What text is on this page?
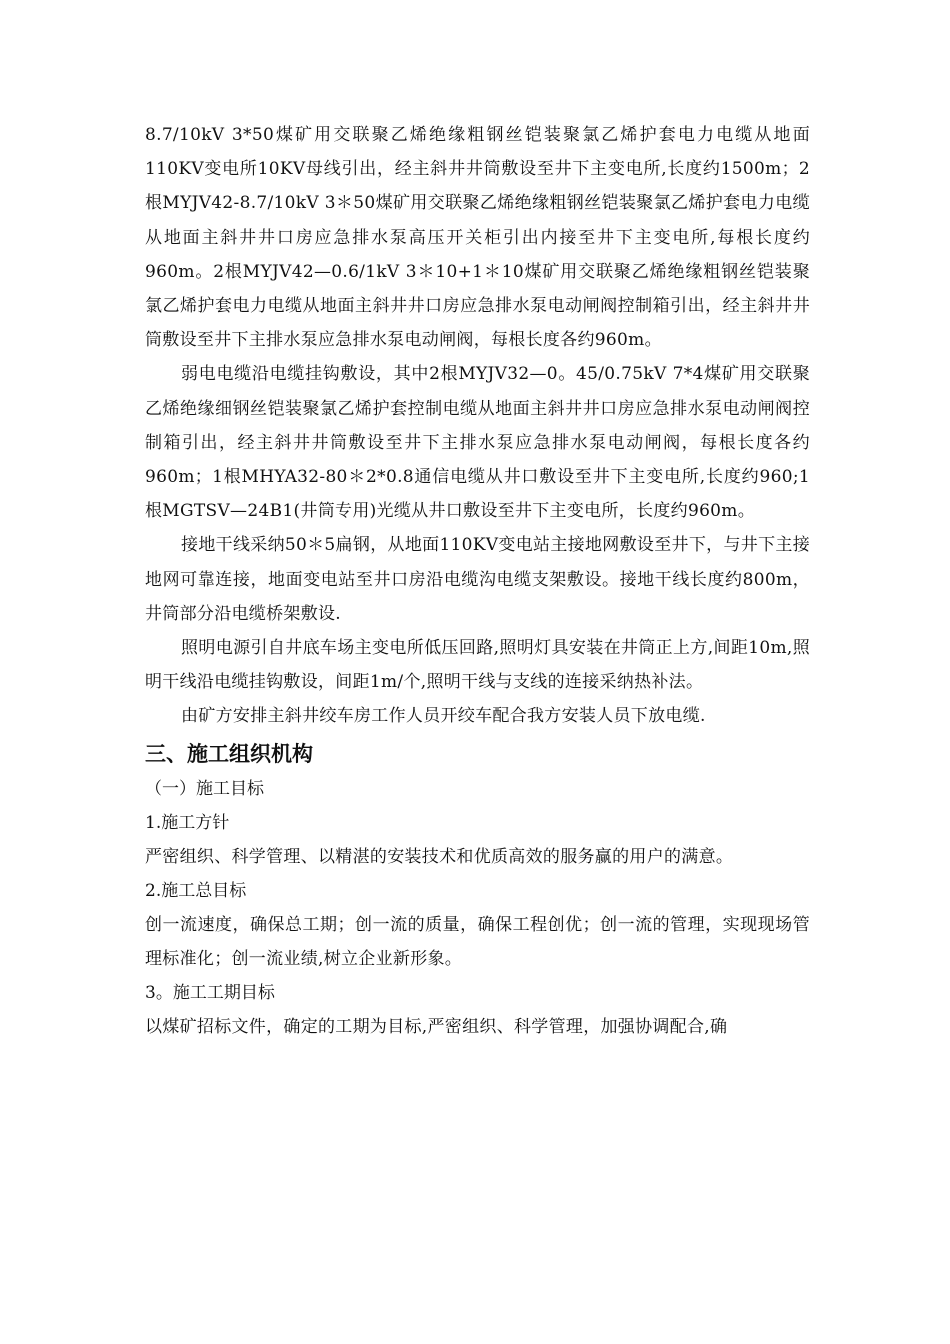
8.7/10kV 3*50煤矿用交联聚乙烯绝缘粗钢丝铠装聚氯乙烯护套电力电缆从地面110KV变电所10KV母线引出，经主斜井井筒敷设至井下主变电所,长度约1500m；2根MYJV42-8.7/10kV 3＊50煤矿用交联聚乙烯绝缘粗钢丝铠装聚氯乙烯护套电力电缆从地面主斜井井口房应急排水泵高压开关柜引出内接至井下主变电所,每根长度约960m。2根MYJV42—0.6/1kV 3＊10+1＊10煤矿用交联聚乙烯绝缘粗钢丝铠装聚氯乙烯护套电力电缆从地面主斜井井口房应急排水泵电动闸阀控制箱引出，经主斜井井筒敷设至井下主排水泵应急排水泵电动闸阀，每根长度各约960m。

弱电电缆沿电缆挂钩敷设，其中2根MYJV32—0。45/0.75kV 7*4煤矿用交联聚乙烯绝缘细钢丝铠装聚氯乙烯护套控制电缆从地面主斜井井口房应急排水泵电动闸阀控制箱引出，经主斜井井筒敷设至井下主排水泵应急排水泵电动闸阀，每根长度各约960m；1根MHYA32-80＊2*0.8通信电缆从井口敷设至井下主变电所,长度约960;1根MGTSV—24B1(井筒专用)光缆从井口敷设至井下主变电所，长度约960m。

接地干线采纳50＊5扁钢，从地面110KV变电站主接地网敷设至井下，与井下主接地网可靠连接，地面变电站至井口房沿电缆沟电缆支架敷设。接地干线长度约800m，井筒部分沿电缆桥架敷设.

照明电源引自井底车场主变电所低压回路,照明灯具安装在井筒正上方,间距10m,照明干线沿电缆挂钩敷设，间距1m/个,照明干线与支线的连接采纳热补法。

由矿方安排主斜井绞车房工作人员开绞车配合我方安装人员下放电缆.

三、施工组织机构

（一）施工目标

1.施工方针

严密组织、科学管理、以精湛的安装技术和优质高效的服务赢的用户的满意。

2.施工总目标

创一流速度，确保总工期；创一流的质量，确保工程创优；创一流的管理，实现现场管理标准化；创一流业绩,树立企业新形象。

3。施工工期目标

以煤矿招标文件，确定的工期为目标,严密组织、科学管理，加强协调配合,确
